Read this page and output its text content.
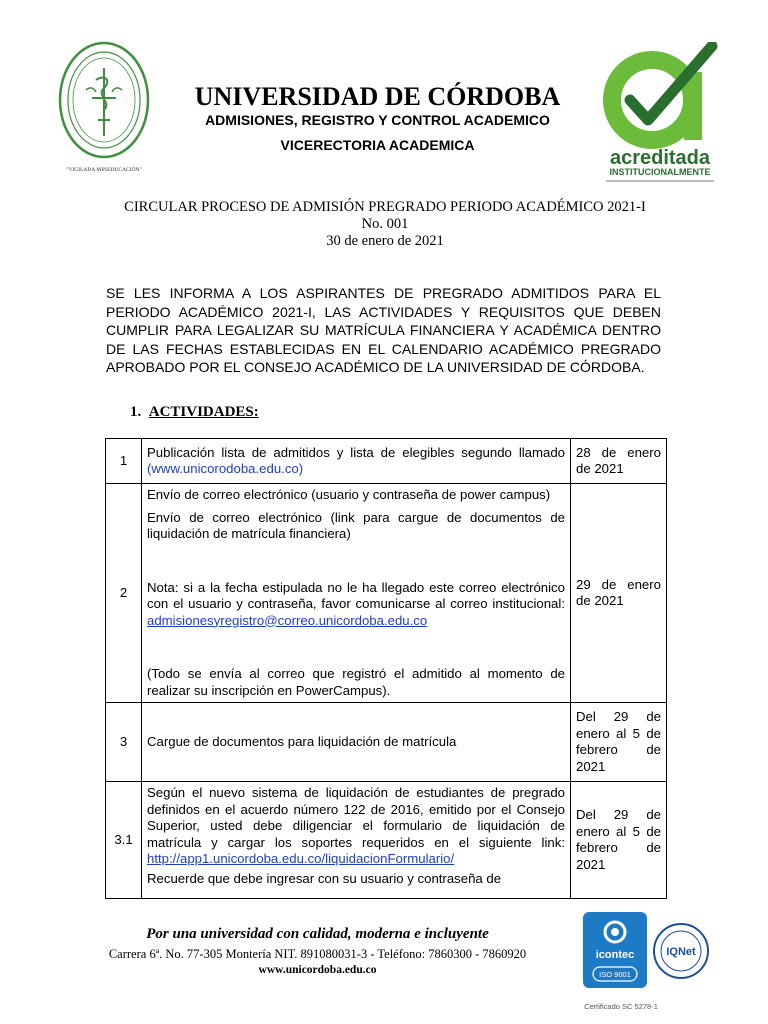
"VIGILADA MINEDUCACIÓN"
UNIVERSIDAD DE CÓRDOBA
ADMISIONES, REGISTRO Y CONTROL ACADEMICO
VICERECTORIA ACADEMICA
acreditada
INSTITUCIONALMENTE
CIRCULAR PROCESO DE ADMISIÓN PREGRADO PERIODO ACADÉMICO 2021-I
No. 001
30 de enero de 2021
SE LES INFORMA A LOS ASPIRANTES DE PREGRADO ADMITIDOS PARA EL PERIODO ACADÉMICO 2021-I, LAS ACTIVIDADES Y REQUISITOS QUE DEBEN CUMPLIR PARA LEGALIZAR SU MATRÍCULA FINANCIERA Y ACADÉMICA DENTRO DE LAS FECHAS ESTABLECIDAS EN EL CALENDARIO ACADÉMICO PREGRADO APROBADO POR EL CONSEJO ACADÉMICO DE LA UNIVERSIDAD DE CÓRDOBA.
1. ACTIVIDADES:
1	Publicación lista de admitidos y lista de elegibles segundo llamado (www.unicorodoba.edu.co)	28 de enero de 2021
2	Envío de correo electrónico (usuario y contraseña de power campus)

Envío de correo electrónico (link para cargue de documentos de liquidación de matrícula financiera)

Nota: si a la fecha estipulada no le ha llegado este correo electrónico con el usuario y contraseña, favor comunicarse al correo institucional: admisionesyregistro@correo.unicordoba.edu.co

(Todo se envía al correo que registró el admitido al momento de realizar su inscripción en PowerCampus).	29 de enero de 2021
3	Cargue de documentos para liquidación de matrícula	Del 29 de enero al 5 de febrero de 2021
3.1	Según el nuevo sistema de liquidación de estudiantes de pregrado definidos en el acuerdo número 122 de 2016, emitido por el Consejo Superior, usted debe diligenciar el formulario de liquidación de matrícula y cargar los soportes requeridos en el siguiente link: http://app1.unicordoba.edu.co/liquidacionFormulario/

Recuerde que debe ingresar con su usuario y contraseña de	Del 29 de enero al 5 de febrero de 2021
Por una universidad con calidad, moderna e incluyente
Carrera 6ª. No. 77-305 Montería NIT. 891080031-3 - Teléfono: 7860300 - 7860920
www.unicordoba.edu.co
icontec
ISO 9001
IQNet
Certificado SC 5278-1
